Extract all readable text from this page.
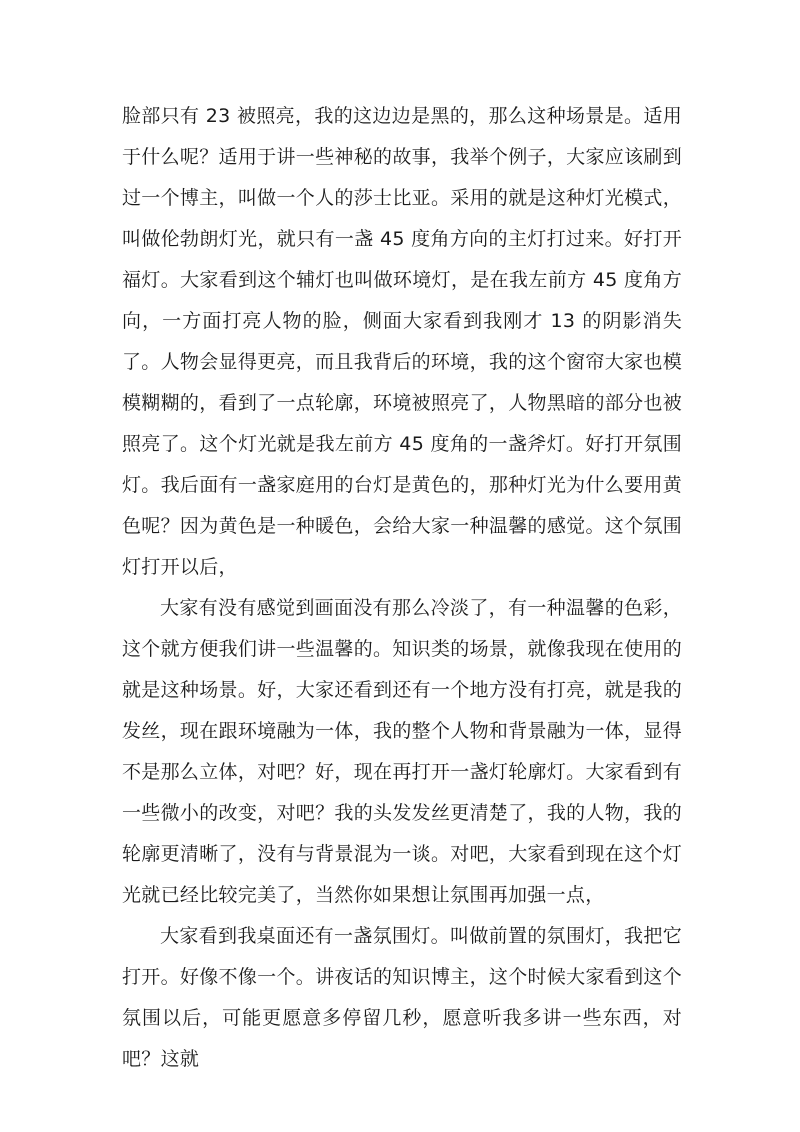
脸部只有 23 被照亮，我的这边边是黑的，那么这种场景是。适用于什么呢？适用于讲一些神秘的故事，我举个例子，大家应该刷到过一个博主，叫做一个人的莎士比亚。采用的就是这种灯光模式，叫做伦勃朗灯光，就只有一盏 45 度角方向的主灯打过来。好打开福灯。大家看到这个辅灯也叫做环境灯，是在我左前方 45 度角方向，一方面打亮人物的脸，侧面大家看到我刚才 13 的阴影消失了。人物会显得更亮，而且我背后的环境，我的这个窗帘大家也模模糊糊的，看到了一点轮廓，环境被照亮了，人物黑暗的部分也被照亮了。这个灯光就是我左前方 45 度角的一盏斧灯。好打开氛围灯。我后面有一盏家庭用的台灯是黄色的，那种灯光为什么要用黄色呢？因为黄色是一种暖色，会给大家一种温馨的感觉。这个氛围灯打开以后，

大家有没有感觉到画面没有那么冷淡了，有一种温馨的色彩，这个就方便我们讲一些温馨的。知识类的场景，就像我现在使用的就是这种场景。好，大家还看到还有一个地方没有打亮，就是我的发丝，现在跟环境融为一体，我的整个人物和背景融为一体，显得不是那么立体，对吧？好，现在再打开一盏灯轮廓灯。大家看到有一些微小的改变，对吧？我的头发发丝更清楚了，我的人物，我的轮廓更清晰了，没有与背景混为一谈。对吧，大家看到现在这个灯光就已经比较完美了，当然你如果想让氛围再加强一点，

大家看到我桌面还有一盏氛围灯。叫做前置的氛围灯，我把它打开。好像不像一个。讲夜话的知识博主，这个时候大家看到这个氛围以后，可能更愿意多停留几秒，愿意听我多讲一些东西，对吧？这就
